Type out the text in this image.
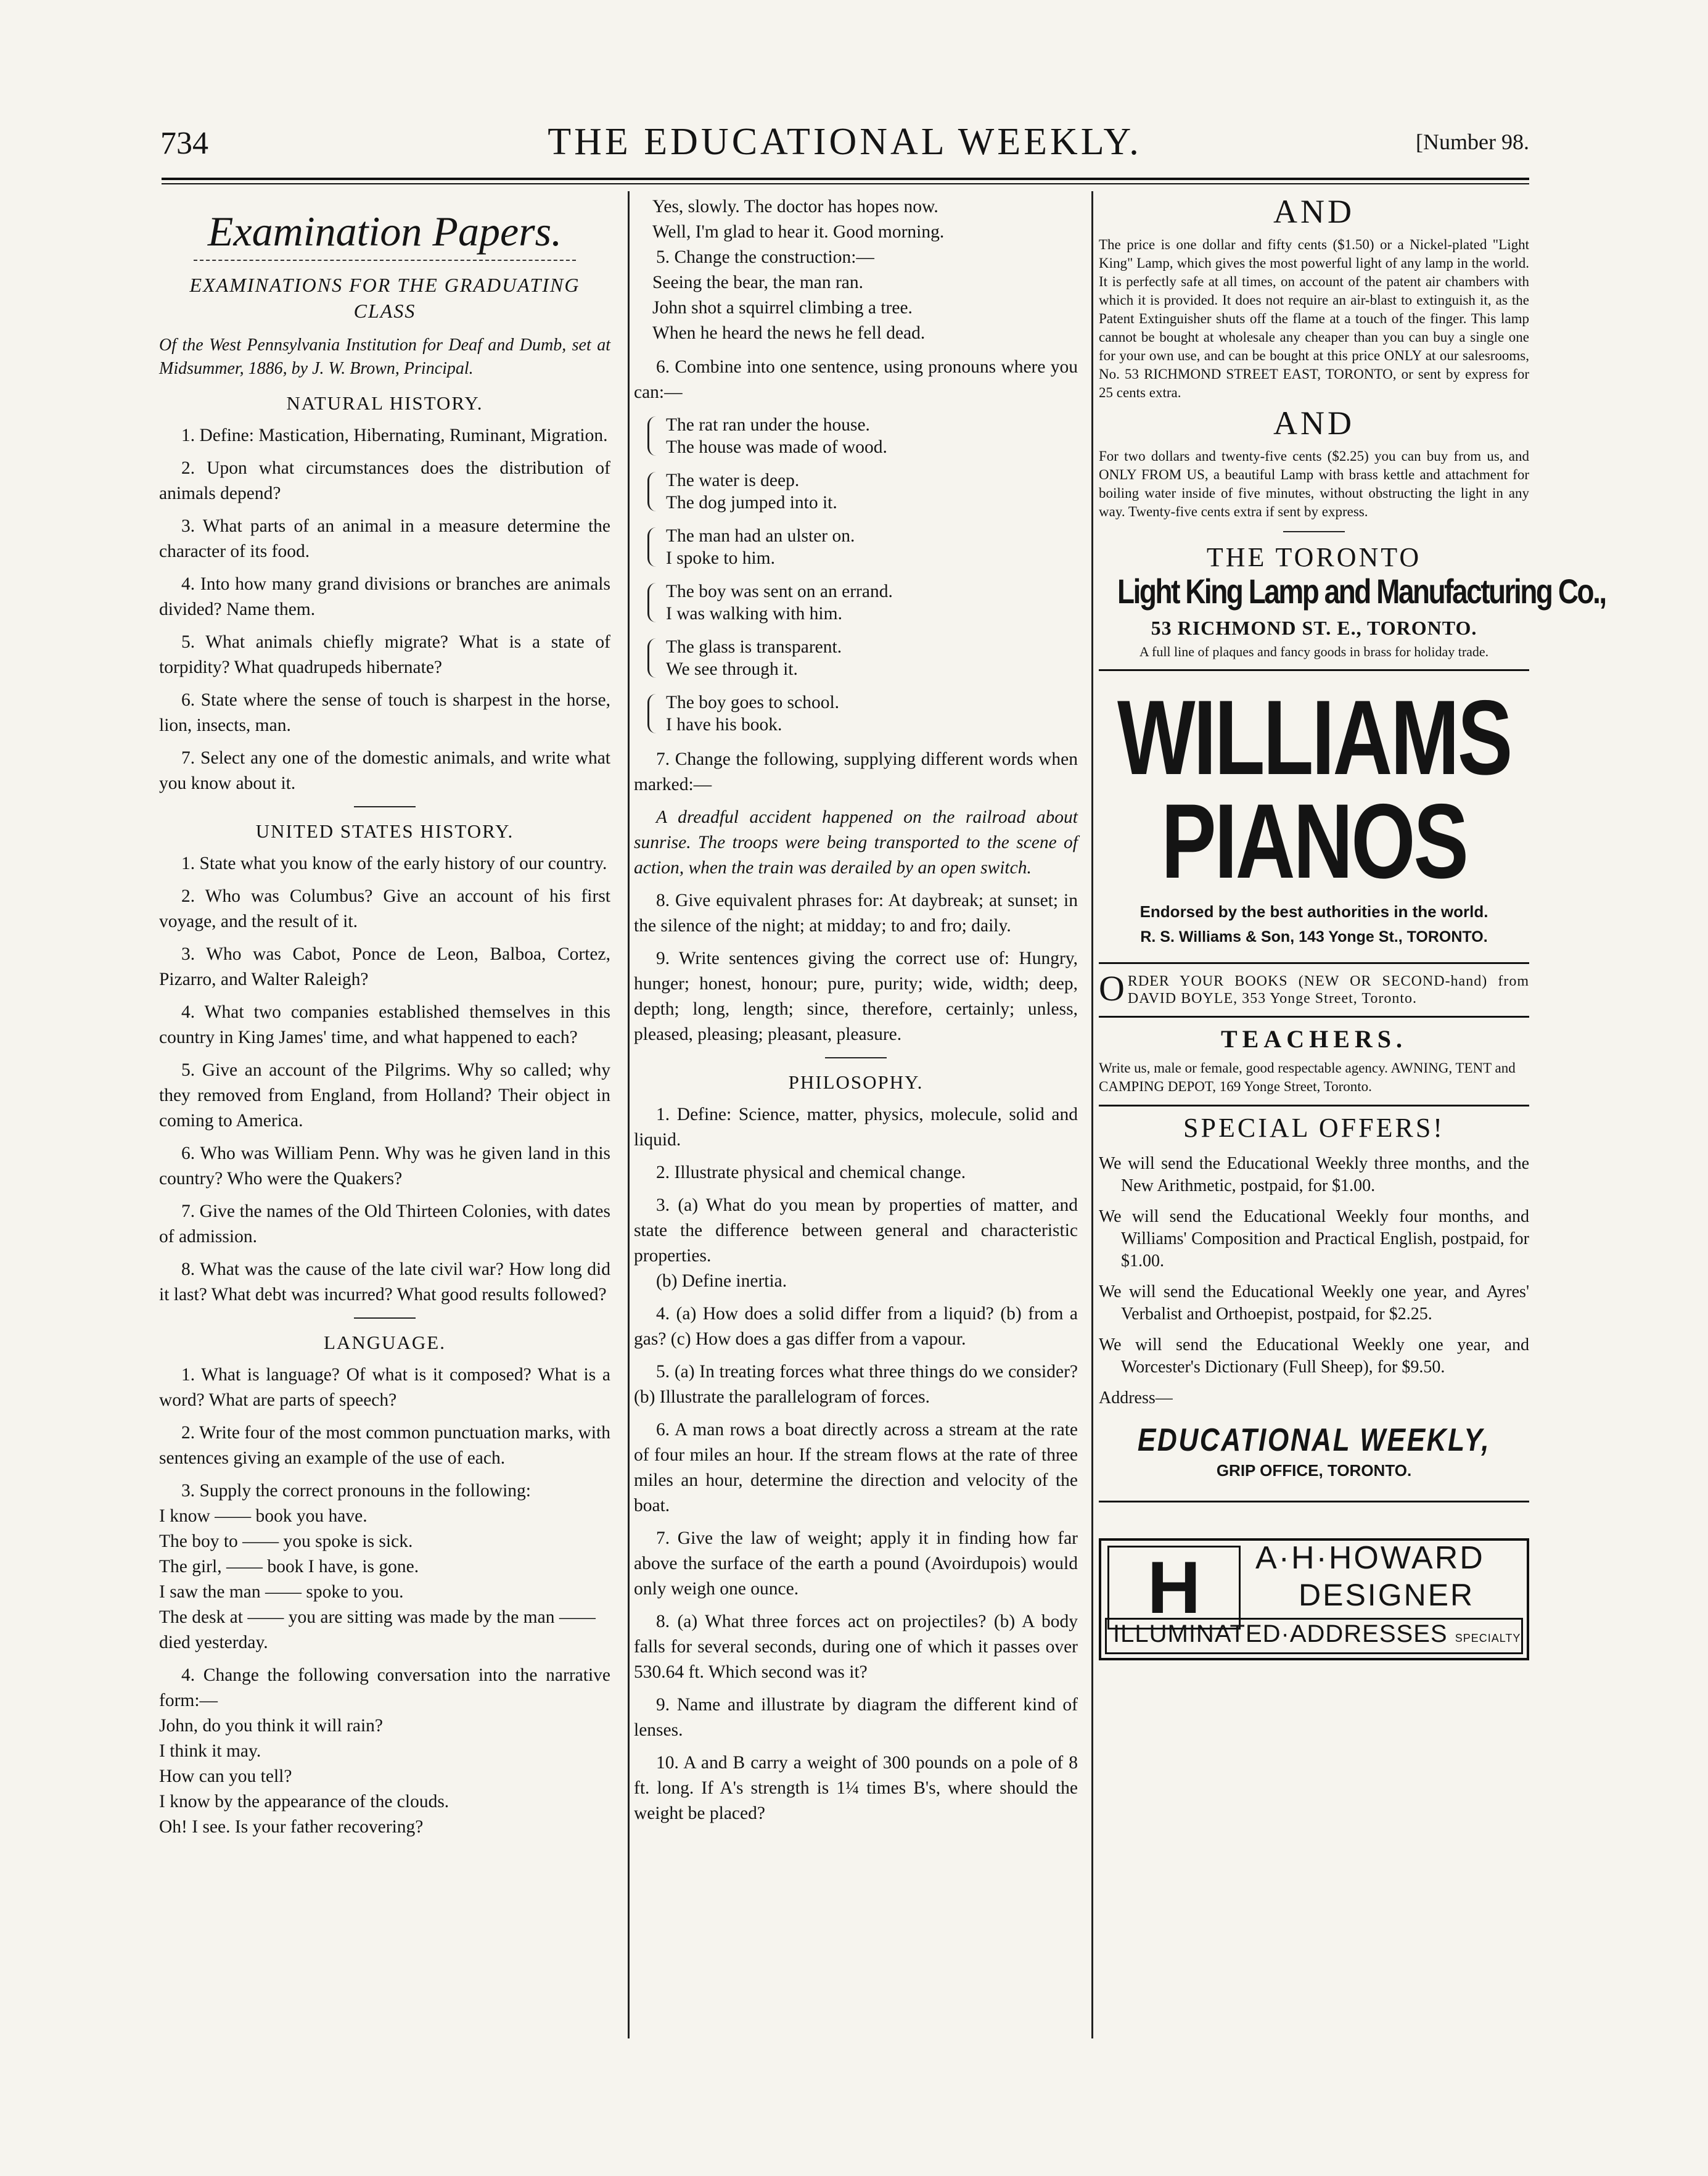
734	THE EDUCATIONAL WEEKLY.	[Number 98.
Examination Papers.
EXAMINATIONS FOR THE GRADUATING CLASS

Of the West Pennsylvania Institution for Deaf and Dumb, set at Midsummer, 1886, by J. W. Brown, Principal.

NATURAL HISTORY.

1. Define: Mastication, Hibernating, Ruminant, Migration.

2. Upon what circumstances does the distribution of animals depend?

3. What parts of an animal in a measure determine the character of its food.

4. Into how many grand divisions or branches are animals divided? Name them.

5. What animals chiefly migrate? What is a state of torpidity? What quadrupeds hibernate?

6. State where the sense of touch is sharpest in the horse, lion, insects, man.

7. Select any one of the domestic animals, and write what you know about it.

UNITED STATES HISTORY.

1. State what you know of the early history of our country.

2. Who was Columbus? Give an account of his first voyage, and the result of it.

3. Who was Cabot, Ponce de Leon, Balboa, Cortez, Pizarro, and Walter Raleigh?

4. What two companies established themselves in this country in King James' time, and what happened to each?

5. Give an account of the Pilgrims. Why so called; why they removed from England, from Holland? Their object in coming to America.

6. Who was William Penn. Why was he given land in this country? Who were the Quakers?

7. Give the names of the Old Thirteen Colonies, with dates of admission.

8. What was the cause of the late civil war? How long did it last? What debt was incurred? What good results followed?

LANGUAGE.

1. What is language? Of what is it composed? What is a word? What are parts of speech?

2. Write four of the most common punctuation marks, with sentences giving an example of the use of each.

3. Supply the correct pronouns in the following:

I know —— book you have.

The boy to —— you spoke is sick.

The girl, —— book I have, is gone.

I saw the man —— spoke to you.

The desk at —— you are sitting was made by the man —— died yesterday.

4. Change the following conversation into the narrative form:—

John, do you think it will rain?

I think it may.

How can you tell?

I know by the appearance of the clouds.

Oh! I see. Is your father recovering?

Yes, slowly. The doctor has hopes now.

Well, I'm glad to hear it. Good morning.

5. Change the construction:—

Seeing the bear, the man ran.

John shot a squirrel climbing a tree.

When he heard the news he fell dead.

6. Combine into one sentence, using pronouns where you can:—

The rat ran under the house.
The house was made of wood.
The water is deep.
The dog jumped into it.
The man had an ulster on.
I spoke to him.
The boy was sent on an errand.
I was walking with him.
The glass is transparent.
We see through it.
The boy goes to school.
I have his book.

7. Change the following, supplying different words when marked:—

A dreadful accident happened on the railroad about sunrise. The troops were being transported to the scene of action, when the train was derailed by an open switch.

8. Give equivalent phrases for: At daybreak; at sunset; in the silence of the night; at midday; to and fro; daily.

9. Write sentences giving the correct use of: Hungry, hunger; honest, honour; pure, purity; wide, width; deep, depth; long, length; since, therefore, certainly; unless, pleased, pleasing; pleasant, pleasure.

PHILOSOPHY.

1. Define: Science, matter, physics, molecule, solid and liquid.

2. Illustrate physical and chemical change.

3. (a) What do you mean by properties of matter, and state the difference between general and characteristic properties.

(b) Define inertia.

4. (a) How does a solid differ from a liquid? (b) from a gas? (c) How does a gas differ from a vapour.

5. (a) In treating forces what three things do we consider? (b) Illustrate the parallelogram of forces.

6. A man rows a boat directly across a stream at the rate of four miles an hour. If the stream flows at the rate of three miles an hour, determine the direction and velocity of the boat.

7. Give the law of weight; apply it in finding how far above the surface of the earth a pound (Avoirdupois) would only weigh one ounce.

8. (a) What three forces act on projectiles? (b) A body falls for several seconds, during one of which it passes over 530.64 ft. Which second was it?

9. Name and illustrate by diagram the different kind of lenses.

10. A and B carry a weight of 300 pounds on a pole of 8 ft. long. If A's strength is 1¼ times B's, where should the weight be placed?

AND

The price is one dollar and fifty cents ($1.50) or a Nickel-plated "Light King" Lamp, which gives the most powerful light of any lamp in the world. It is perfectly safe at all times, on account of the patent air chambers with which it is provided. It does not require an air-blast to extinguish it, as the Patent Extinguisher shuts off the flame at a touch of the finger. This lamp cannot be bought at wholesale any cheaper than you can buy a single one for your own use, and can be bought at this price ONLY at our salesrooms, No. 53 RICHMOND STREET EAST, TORONTO, or sent by express for 25 cents extra.

AND

For two dollars and twenty-five cents ($2.25) you can buy from us, and ONLY FROM US, a beautiful Lamp with brass kettle and attachment for boiling water inside of five minutes, without obstructing the light in any way. Twenty-five cents extra if sent by express.

THE TORONTO
Light King Lamp and Manufacturing Co.,
53 RICHMOND ST. E., TORONTO.
A full line of plaques and fancy goods in brass for holiday trade.
WILLIAMS
PIANOS
Endorsed by the best authorities in the world.
R. S. Williams & Son, 143 Yonge St., TORONTO.
ORDER YOUR BOOKS (NEW OR SECOND-hand) from DAVID BOYLE, 353 Yonge Street, Toronto.
TEACHERS.

Write us, male or female, good respectable agency. AWNING, TENT and CAMPING DEPOT, 169 Yonge Street, Toronto.

SPECIAL OFFERS!

We will send the Educational Weekly three months, and the New Arithmetic, postpaid, for $1.00.

We will send the Educational Weekly four months, and Williams' Composition and Practical English, postpaid, for $1.00.

We will send the Educational Weekly one year, and Ayres' Verbalist and Orthoepist, postpaid, for $2.25.

We will send the Educational Weekly one year, and Worcester's Dictionary (Full Sheep), for $9.50.

Address—

EDUCATIONAL WEEKLY,
GRIP OFFICE, TORONTO.
H	A·H·HOWARD
DESIGNER
ILLUMINATED·ADDRESSES SPECIALTY
